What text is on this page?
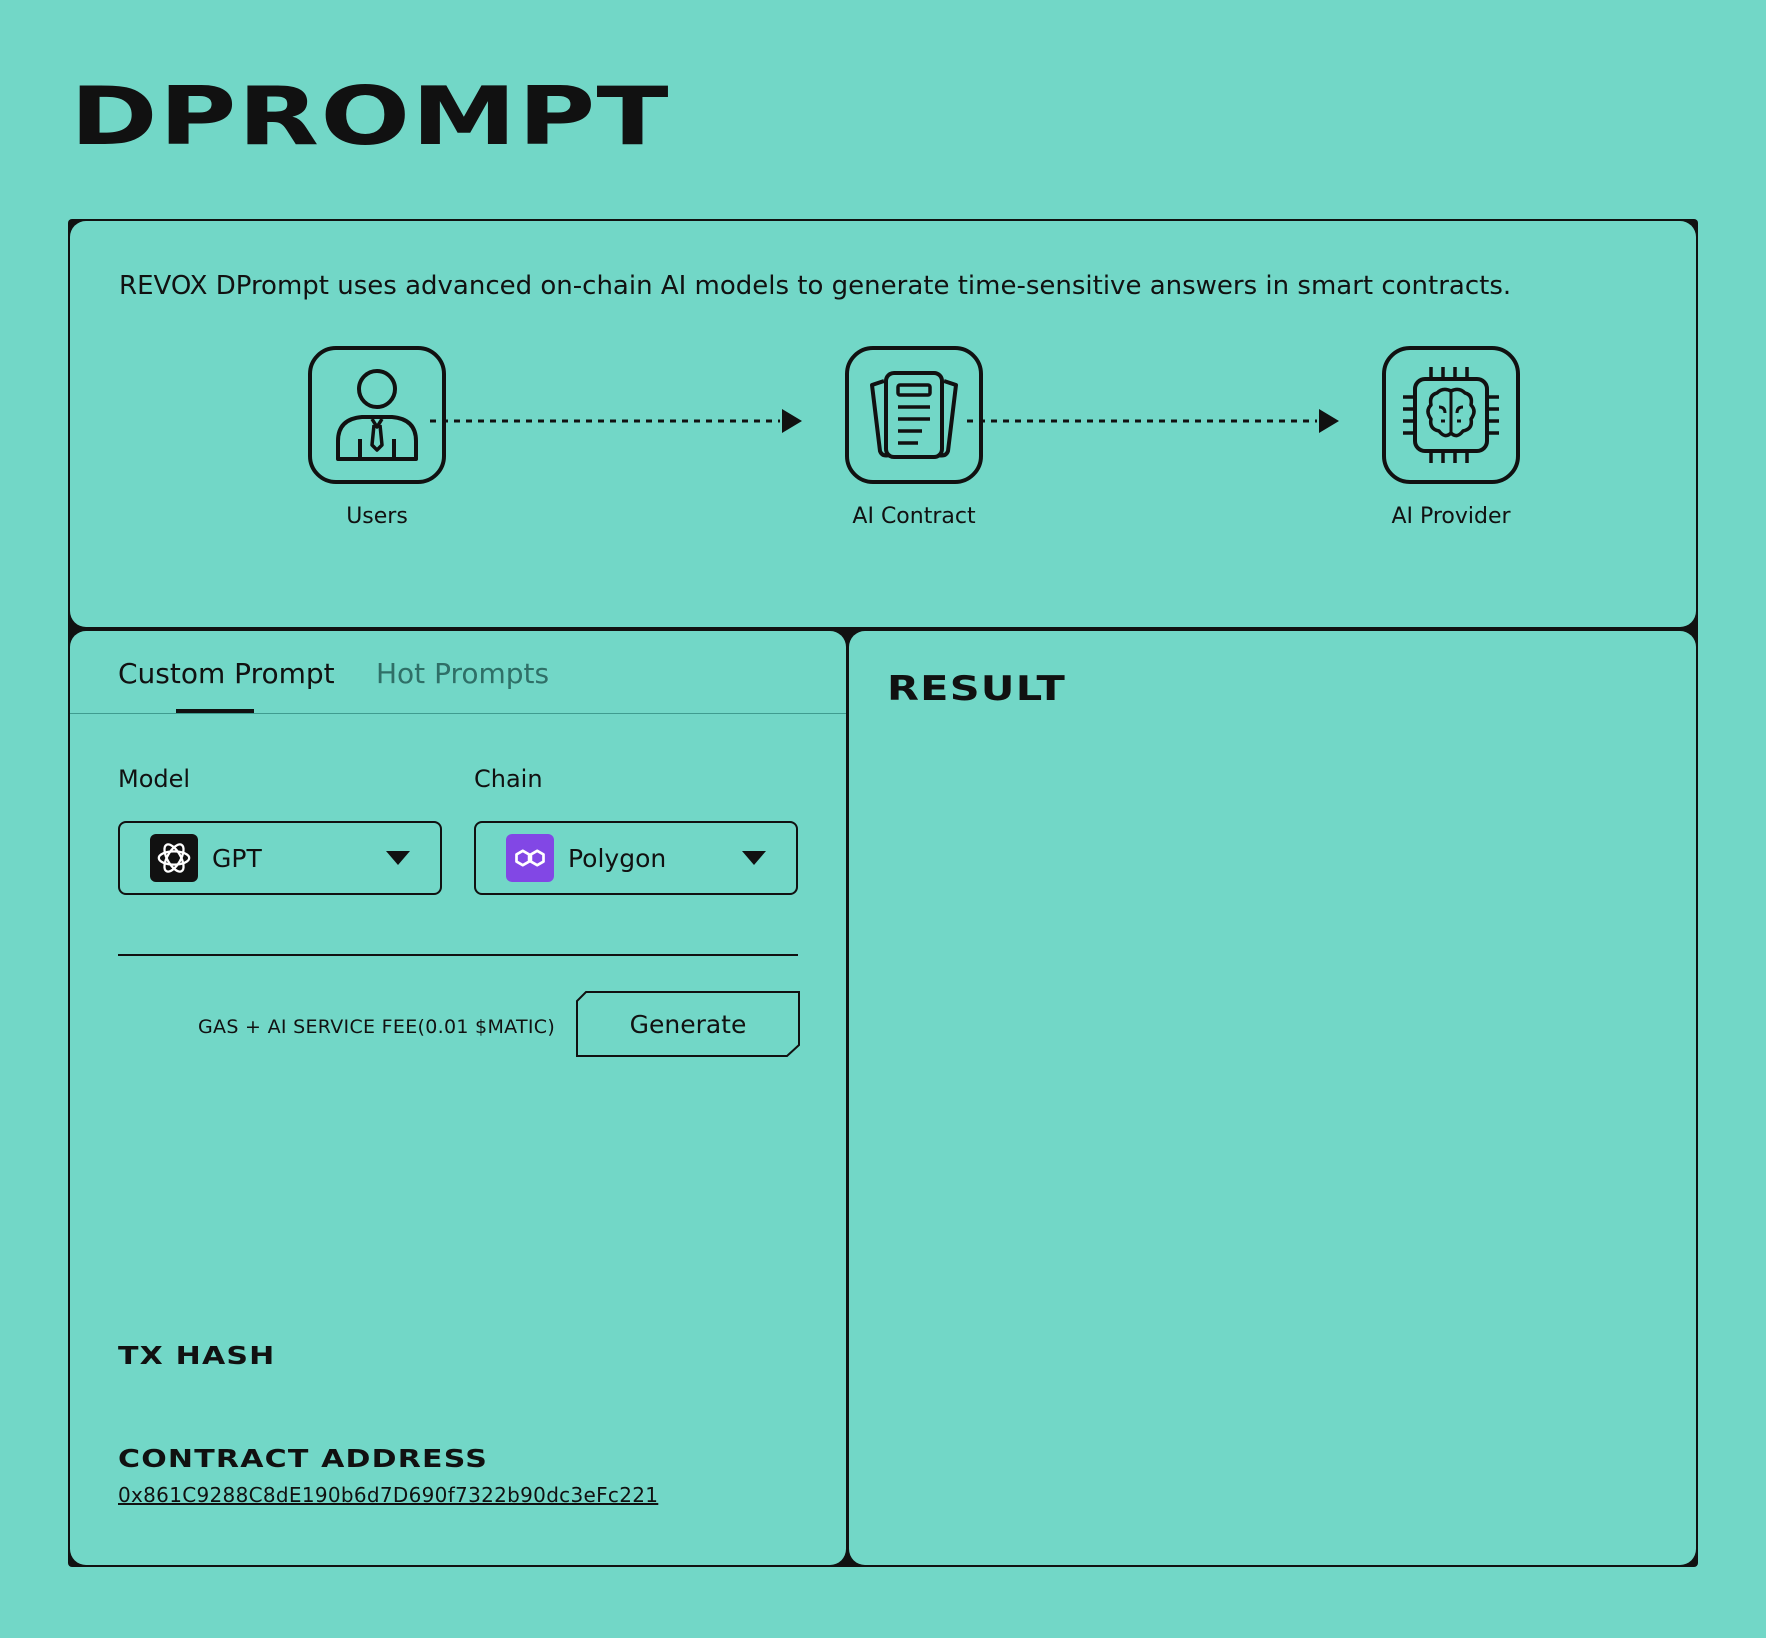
DPROMPT
REVOX DPrompt uses advanced on-chain AI models to generate time-sensitive answers in smart contracts.
Users	AI Contract	AI Provider
Custom Prompt Hot Prompts
Model
GPT
Chain
Polygon
GAS + AI SERVICE FEE(0.01 $MATIC)	Generate
TX HASH
CONTRACT ADDRESS
0x861C9288C8dE190b6d7D690f7322b90dc3eFc221
RESULT
